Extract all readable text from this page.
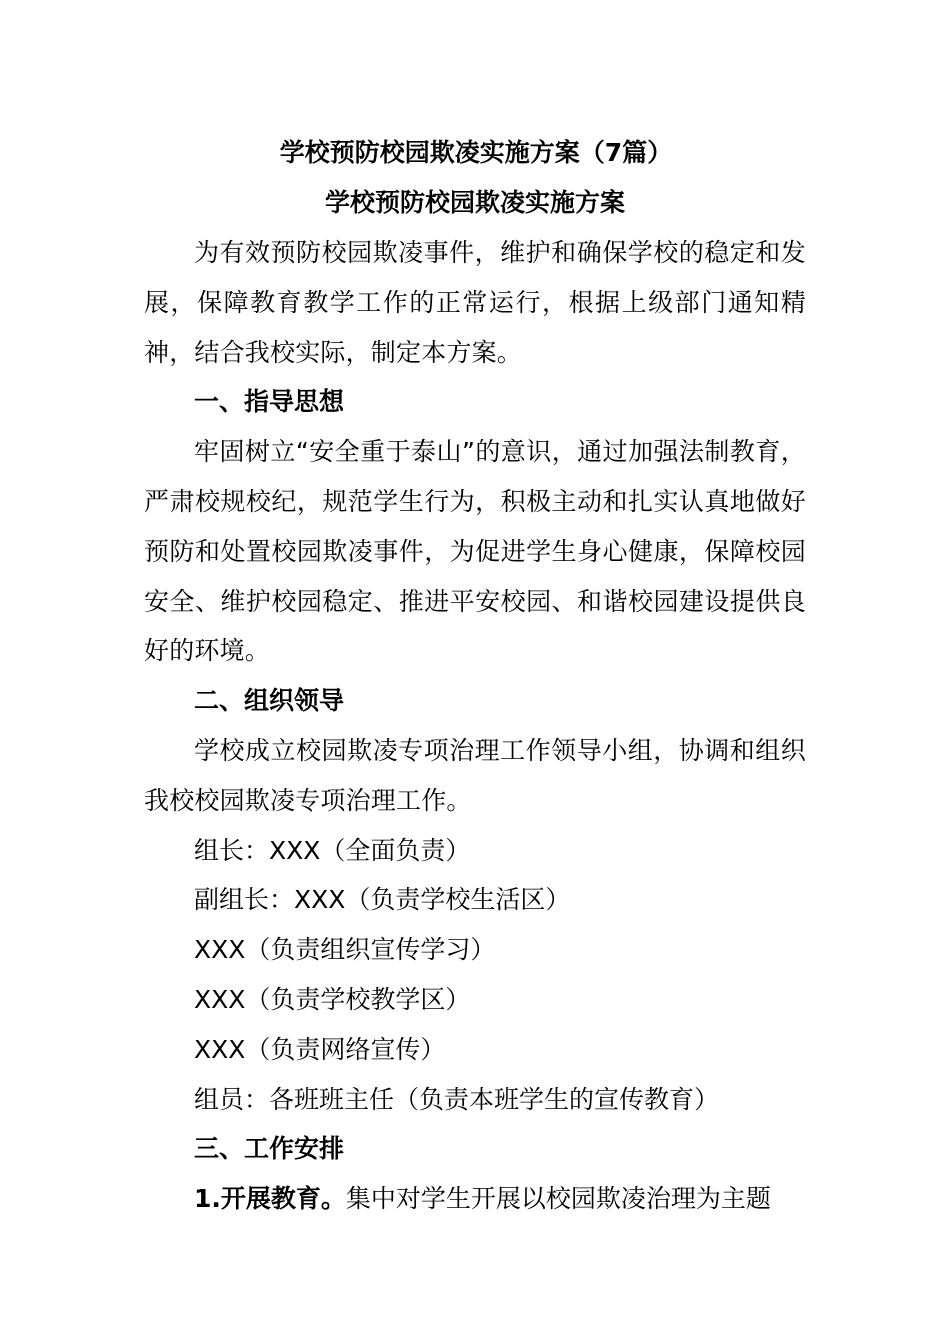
学校预防校园欺凌实施方案（7篇）

学校预防校园欺凌实施方案

为有效预防校园欺凌事件，维护和确保学校的稳定和发展，保障教育教学工作的正常运行，根据上级部门通知精神，结合我校实际，制定本方案。

一、指导思想

牢固树立“安全重于泰山”的意识，通过加强法制教育，严肃校规校纪，规范学生行为，积极主动和扎实认真地做好预防和处置校园欺凌事件，为促进学生身心健康，保障校园安全、维护校园稳定、推进平安校园、和谐校园建设提供良好的环境。

二、组织领导

学校成立校园欺凌专项治理工作领导小组，协调和组织我校校园欺凌专项治理工作。

组长：XXX（全面负责）

副组长：XXX（负责学校生活区）

XXX（负责组织宣传学习）

XXX（负责学校教学区）

XXX（负责网络宣传）

组员：各班班主任（负责本班学生的宣传教育）

三、工作安排

1.开展教育。集中对学生开展以校园欺凌治理为主题
